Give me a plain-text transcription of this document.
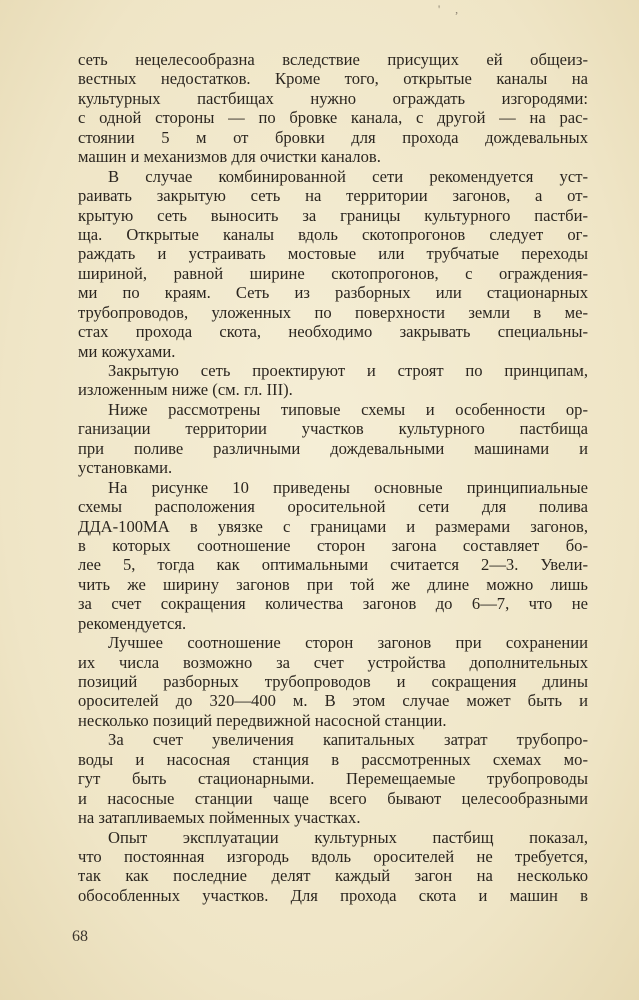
' ,
сеть нецелесообразна вследствие присущих ей общеиз-
вестных недостатков. Кроме того, открытые каналы на
культурных пастбищах нужно ограждать изгородями:
с одной стороны — по бровке канала, с другой — на рас-
стоянии 5 м от бровки для прохода дождевальных
машин и механизмов для очистки каналов.
В случае комбинированной сети рекомендуется уст-
раивать закрытую сеть на территории загонов, а от-
крытую сеть выносить за границы культурного пастби-
ща. Открытые каналы вдоль скотопрогонов следует ог-
раждать и устраивать мостовые или трубчатые переходы
шириной, равной ширине скотопрогонов, с ограждения-
ми по краям. Сеть из разборных или стационарных
трубопроводов, уложенных по поверхности земли в ме-
стах прохода скота, необходимо закрывать специальны-
ми кожухами.
Закрытую сеть проектируют и строят по принципам,
изложенным ниже (см. гл. III).
Ниже рассмотрены типовые схемы и особенности ор-
ганизации территории участков культурного пастбища
при поливе различными дождевальными машинами и
установками.
На рисунке 10 приведены основные принципиальные
схемы расположения оросительной сети для полива
ДДА-100МА в увязке с границами и размерами загонов,
в которых соотношение сторон загона составляет бо-
лее 5, тогда как оптимальными считается 2—3. Увели-
чить же ширину загонов при той же длине можно лишь
за счет сокращения количества загонов до 6—7, что не
рекомендуется.
Лучшее соотношение сторон загонов при сохранении
их числа возможно за счет устройства дополнительных
позиций разборных трубопроводов и сокращения длины
оросителей до 320—400 м. В этом случае может быть и
несколько позиций передвижной насосной станции.
За счет увеличения капитальных затрат трубопро-
воды и насосная станция в рассмотренных схемах мо-
гут быть стационарными. Перемещаемые трубопроводы
и насосные станции чаще всего бывают целесообразными
на затапливаемых пойменных участках.
Опыт эксплуатации культурных пастбищ показал,
что постоянная изгородь вдоль оросителей не требуется,
так как последние делят каждый загон на несколько
обособленных участков. Для прохода скота и машин в
68
